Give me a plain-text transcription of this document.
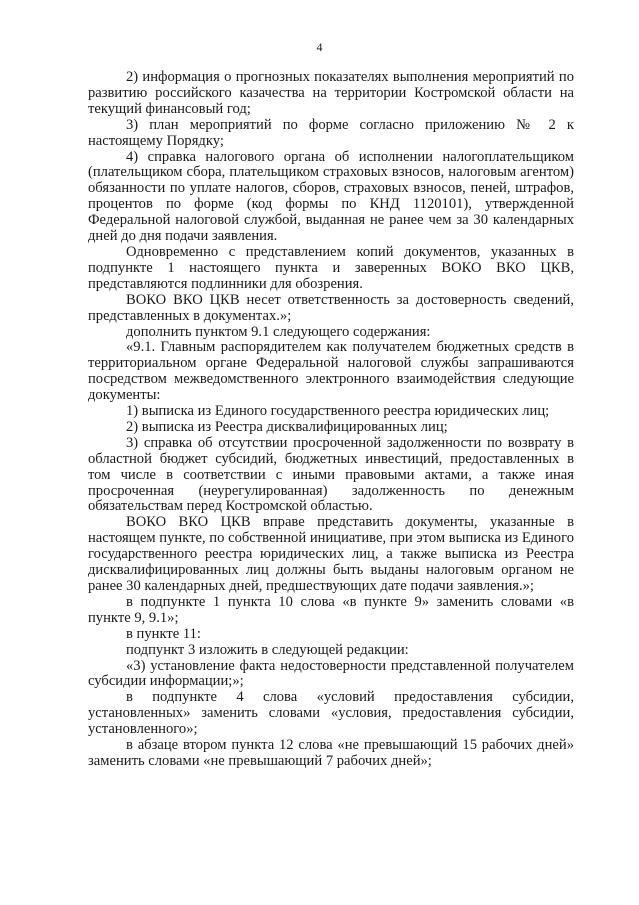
4

2) информация о прогнозных показателях выполнения мероприятий по развитию российского казачества на территории Костромской области на текущий финансовый год;

3) план мероприятий по форме согласно приложению № 2 к настоящему Порядку;

4) справка налогового органа об исполнении налогоплательщиком (плательщиком сбора, плательщиком страховых взносов, налоговым агентом) обязанности по уплате налогов, сборов, страховых взносов, пеней, штрафов, процентов по форме (код формы по КНД 1120101), утвержденной Федеральной налоговой службой, выданная не ранее чем за 30 календарных дней до дня подачи заявления.

Одновременно с представлением копий документов, указанных в подпункте 1 настоящего пункта и заверенных ВОКО ВКО ЦКВ, представляются подлинники для обозрения.

ВОКО ВКО ЦКВ несет ответственность за достоверность сведений, представленных в документах.»;

дополнить пунктом 9.1 следующего содержания:

«9.1. Главным распорядителем как получателем бюджетных средств в территориальном органе Федеральной налоговой службы запрашиваются посредством межведомственного электронного взаимодействия следующие документы:

1) выписка из Единого государственного реестра юридических лиц;

2) выписка из Реестра дисквалифицированных лиц;

3) справка об отсутствии просроченной задолженности по возврату в областной бюджет субсидий, бюджетных инвестиций, предоставленных в том числе в соответствии с иными правовыми актами, а также иная просроченная (неурегулированная) задолженность по денежным обязательствам перед Костромской областью.

ВОКО ВКО ЦКВ вправе представить документы, указанные в настоящем пункте, по собственной инициативе, при этом выписка из Единого государственного реестра юридических лиц, а также выписка из Реестра дисквалифицированных лиц должны быть выданы налоговым органом не ранее 30 календарных дней, предшествующих дате подачи заявления.»;

в подпункте 1 пункта 10 слова «в пункте 9» заменить словами «в пункте 9, 9.1»;

в пункте 11:

подпункт 3 изложить в следующей редакции:

«3) установление факта недостоверности представленной получателем субсидии информации;»;

в подпункте 4 слова «условий предоставления субсидии, установленных» заменить словами «условия, предоставления субсидии, установленного»;

в абзаце втором пункта 12 слова «не превышающий 15 рабочих дней» заменить словами «не превышающий 7 рабочих дней»;
